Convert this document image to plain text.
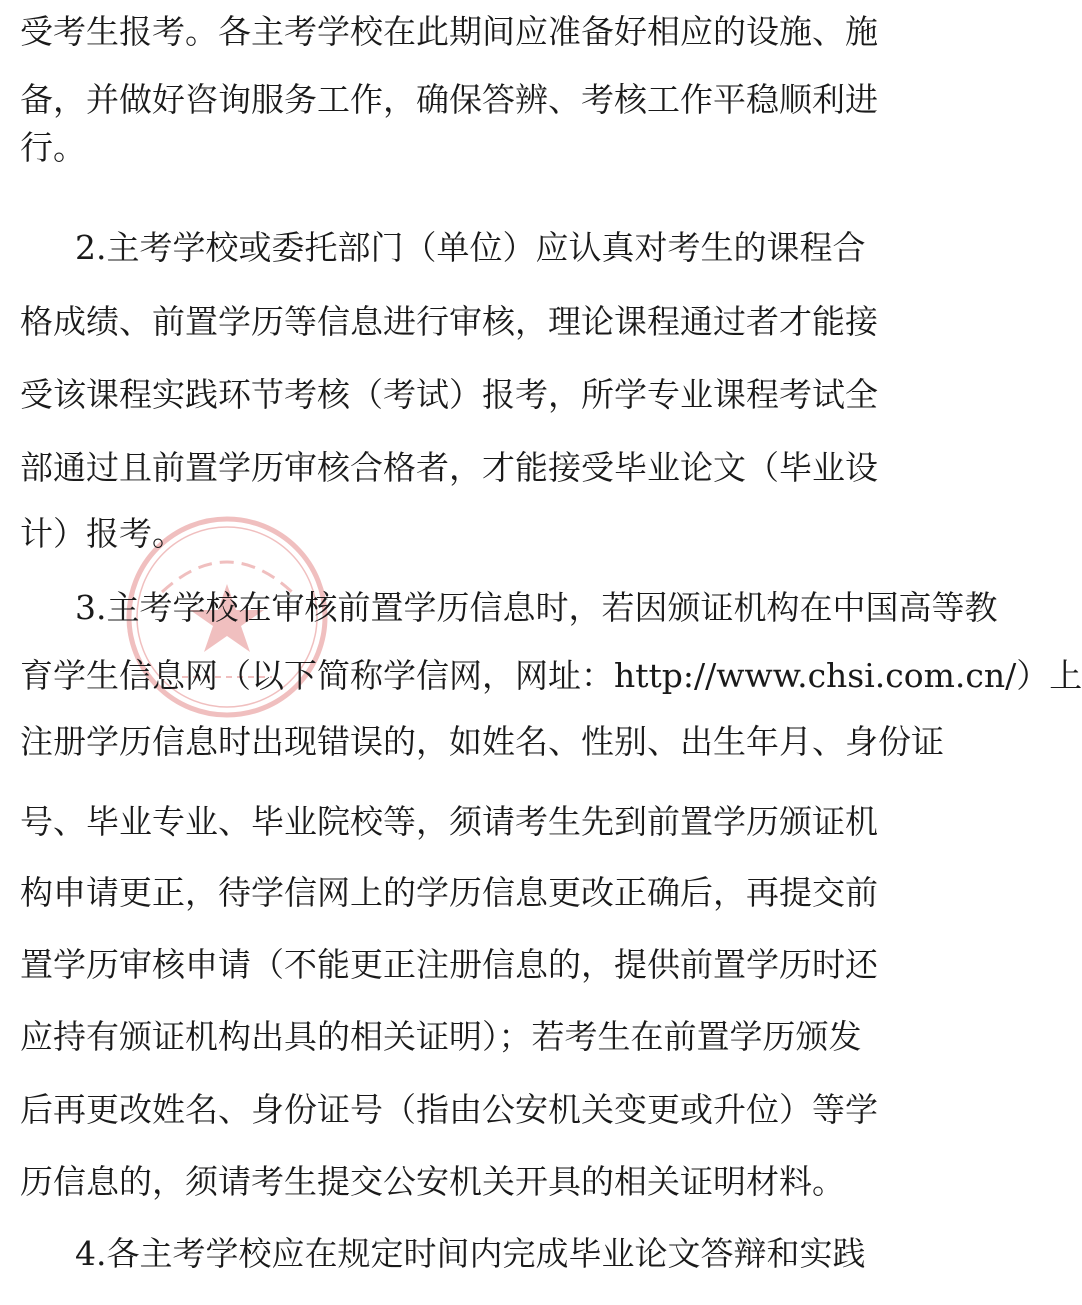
受考生报考。各主考学校在此期间应准备好相应的设施、施
备，并做好咨询服务工作，确保答辨、考核工作平稳顺利进
行。
2.主考学校或委托部门（单位）应认真对考生的课程合
格成绩、前置学历等信息进行审核，理论课程通过者才能接
受该课程实践环节考核（考试）报考，所学专业课程考试全
部通过且前置学历审核合格者，才能接受毕业论文（毕业设
计）报考。
3.主考学校在审核前置学历信息时，若因颁证机构在中国高等教
育学生信息网（以下简称学信网，网址：http://www.chsi.com.cn/）上
注册学历信息时出现错误的，如姓名、性别、出生年月、身份证
号、毕业专业、毕业院校等，须请考生先到前置学历颁证机
构申请更正，待学信网上的学历信息更改正确后，再提交前
置学历审核申请（不能更正注册信息的，提供前置学历时还
应持有颁证机构出具的相关证明）；若考生在前置学历颁发
后再更改姓名、身份证号（指由公安机关变更或升位）等学
历信息的，须请考生提交公安机关开具的相关证明材料。
4.各主考学校应在规定时间内完成毕业论文答辩和实践
